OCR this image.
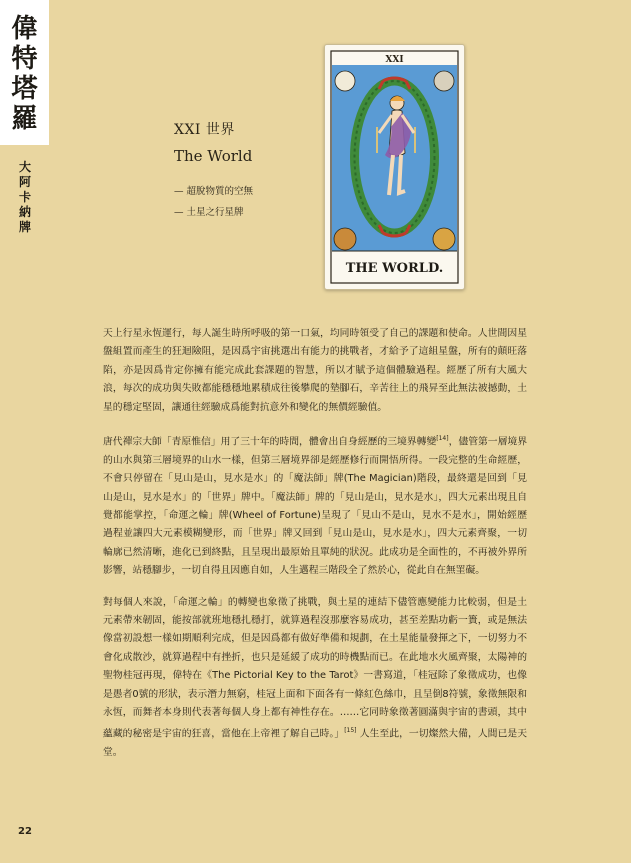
偉
特
塔
羅
大
阿
卡
納
牌
XXI 世界
The World
— 超脫物質的空無
— 土星之行星牌
XXI
THE WORLD.

天上行星永恆運行，每人誕生時所呼吸的第一口氣，均同時領受了自己的課題和使命。人世間因星盤組置而產生的狂迴險阻，是因爲宇宙挑選出有能力的挑戰者，才給予了這組星盤，所有的顛旺落陷，亦是因爲肯定你擁有能完成此套課題的智慧，所以才賦予這個體驗過程。經歷了所有大風大浪，每次的成功與失敗都能穩穩地累積成往後攀爬的墊腳石，辛苦往上的飛昇至此無法被撼動，土星的穩定堅固，讓通往經驗成爲能對抗意外和變化的無價經驗值。

唐代禪宗大師「青原惟信」用了三十年的時間，體會出自身經歷的三境界轉變[14]，儘管第一層境界的山水與第三層境界的山水一樣，但第三層境界卻是經歷修行而開悟所得。一段完整的生命經歷，不會只停留在「見山是山，見水是水」的「魔法師」牌(The Magician)階段，最終還是回到「見山是山，見水是水」的「世界」牌中。「魔法師」牌的「見山是山，見水是水」，四大元素出現且自覺都能掌控，「命運之輪」牌(Wheel of Fortune)呈現了「見山不是山，見水不是水」，開始經歷過程並讓四大元素模糊變形，而「世界」牌又回到「見山是山，見水是水」，四大元素齊聚，一切輪廓已然清晰，進化已到終點，且呈現出最原始且單純的狀況。此成功是全面性的，不再被外界所影響，站穩腳步，一切自得且因應自如，人生邁程三階段全了然於心，從此自在無罣礙。

對每個人來說，「命運之輪」的轉變也象徵了挑戰，與土星的連結下儘管應變能力比較弱，但是土元素帶來韌固，能按部就班地穩扎穩打，就算過程沒那麼容易成功，甚至差點功虧一簣，或是無法像當初設想一樣如期順利完成，但是因爲都有做好準備和規劃，在土星能量發揮之下，一切努力不會化成散沙，就算過程中有挫折，也只是延緩了成功的時機點而已。在此地水火風齊聚，太陽神的聖物桂冠再現，偉特在《The Pictorial Key to the Tarot》一書寫道，「桂冠除了象徵成功，也像是愚者0號的形狀，表示潛力無窮，桂冠上面和下面各有一條紅色絲巾，且呈倒8符號，象徵無限和永恆，而舞者本身則代表著每個人身上都有神性存在。……它同時象徵著圓滿與宇宙的書頭，其中蘊藏的秘密是宇宙的狂喜，當他在上帝裡了解自己時。」[15] 人生至此，一切燦然大備，人間已是天堂。

22
